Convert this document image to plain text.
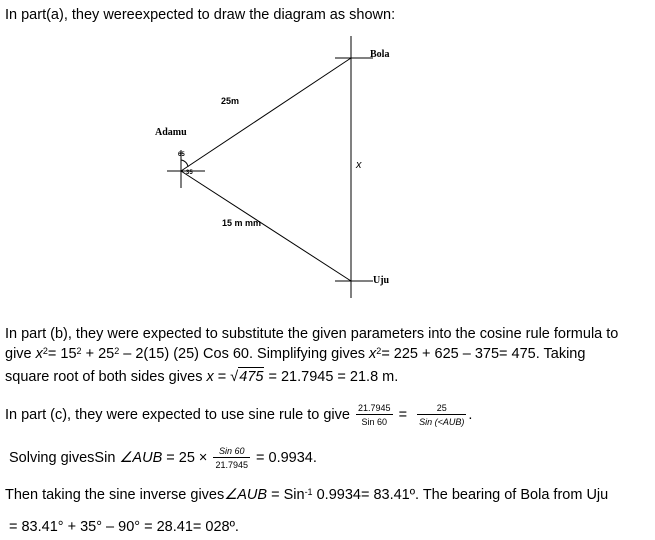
In part(a), they wereexpected to draw the diagram as shown:
Bola
Adamu
Uju
25m
x
15 m mm
65
35
In part (b), they were expected to substitute the given parameters into the cosine rule formula to
give $x^2= 15^2 + 25^2 - 2(15)$ (25) Cos 60. Simplifying gives $x^2= 225 + 625 - 375= 475$. Taking
square root of both sides gives x = √475 = 21.7945 = 21.8 m.
In part (c), they were expected to use sine rule to give $\frac{21.7945}{\text{Sin 60}} = \frac{25}{\text{Sin (<AUB)}}$ .
Solving givesSin ∠AUB = $25 \times \frac{\text{Sin 60}}{21.7945} = 0.9934$.
Then taking the sine inverse gives∠AUB = Sin$^{-1}$ 0.9934= 83.41º. The bearing of Bola from Uju
= 83.41° + 35° – 90° = 28.41= 028º.
